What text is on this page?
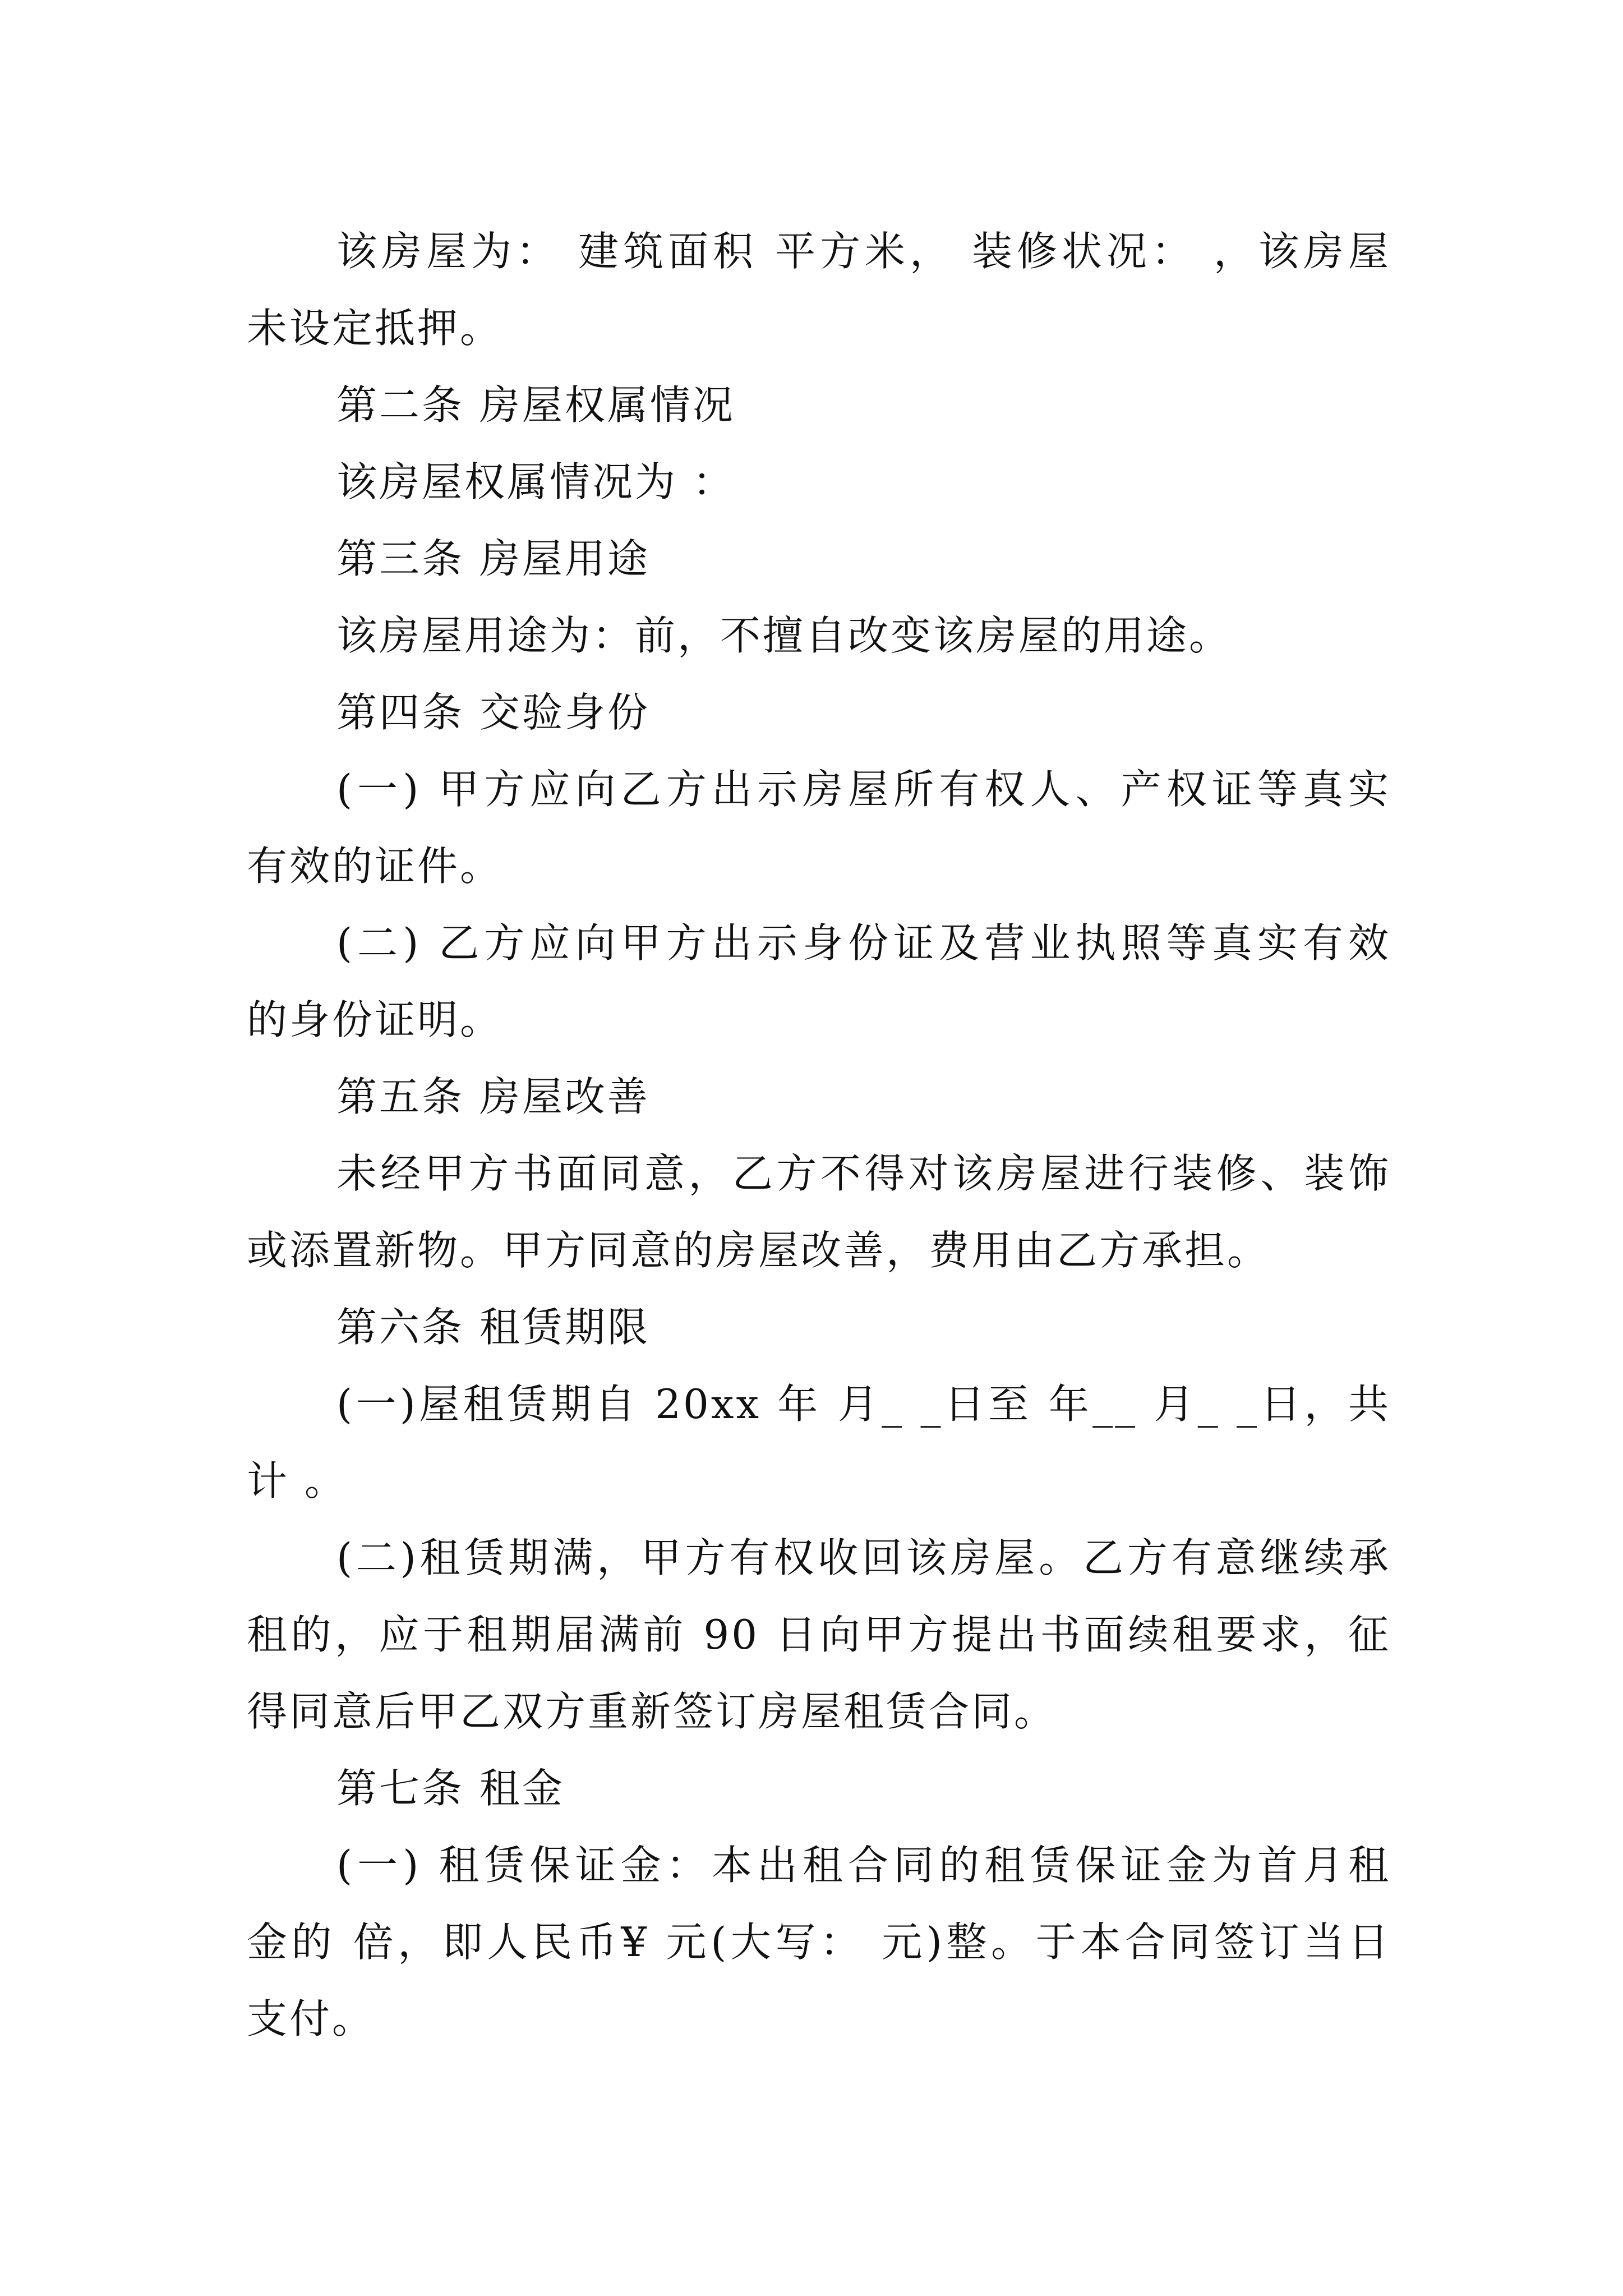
该房屋为： 建筑面积 平方米， 装修状况： ，该房屋
未设定抵押。
第二条 房屋权属情况
该房屋权属情况为 ：
第三条 房屋用途
该房屋用途为：前，不擅自改变该房屋的用途。
第四条 交验身份
(一) 甲方应向乙方出示房屋所有权人、产权证等真实
有效的证件。
(二) 乙方应向甲方出示身份证及营业执照等真实有效
的身份证明。
第五条 房屋改善
未经甲方书面同意，乙方不得对该房屋进行装修、装饰
或添置新物。甲方同意的房屋改善，费用由乙方承担。
第六条 租赁期限
(一)屋租赁期自 20xx 年 月_ _日至 年__ 月_ _日，共
计 。
(二)租赁期满，甲方有权收回该房屋。乙方有意继续承
租的，应于租期届满前 90 日向甲方提出书面续租要求，征
得同意后甲乙双方重新签订房屋租赁合同。
第七条 租金
(一) 租赁保证金：本出租合同的租赁保证金为首月租
金的 倍，即人民币¥ 元(大写： 元)整。于本合同签订当日
支付。
